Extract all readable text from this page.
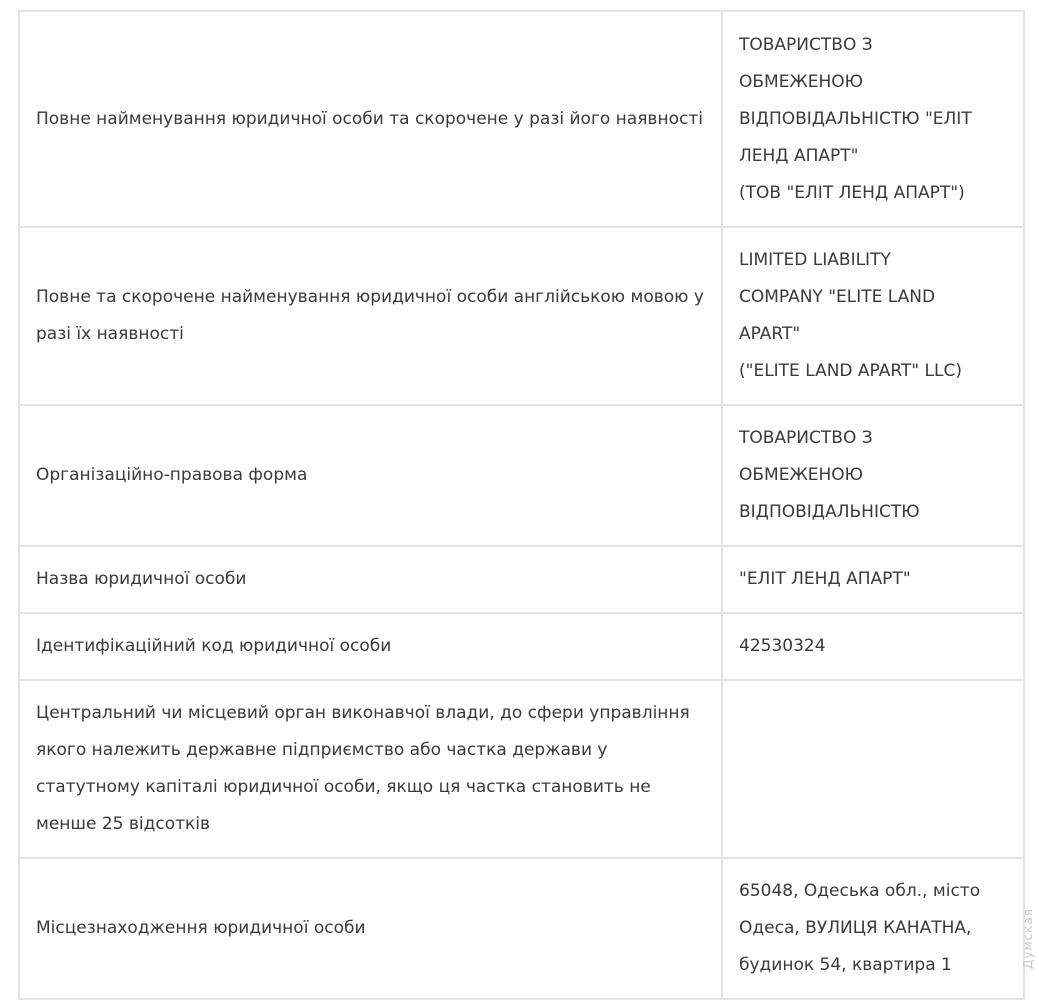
Повне найменування юридичної особи та скорочене у разі його наявності	ТОВАРИСТВО З
ОБМЕЖЕНОЮ
ВІДПОВІДАЛЬНІСТЮ "ЕЛІТ
ЛЕНД АПАРТ"
(ТОВ "ЕЛІТ ЛЕНД АПАРТ")

Повне та скорочене найменування юридичної особи англійською мовою у разі їх наявності	LIMITED LIABILITY
COMPANY "ELITE LAND
APART"
("ELITE LAND APART" LLC)

Організаційно-правова форма	ТОВАРИСТВО З
ОБМЕЖЕНОЮ
ВІДПОВІДАЛЬНІСТЮ

Назва юридичної особи	"ЕЛІТ ЛЕНД АПАРТ"

Ідентифікаційний код юридичної особи	42530324

Центральний чи місцевий орган виконавчої влади, до сфери управління якого належить державне підприємство або частка держави у статутному капіталі юридичної особи, якщо ця частка становить не менше 25 відсотків	
Місцезнаходження юридичної особи	65048, Одеська обл., місто
Одеса, ВУЛИЦЯ КАНАТНА,
будинок 54, квартира 1	Думская
